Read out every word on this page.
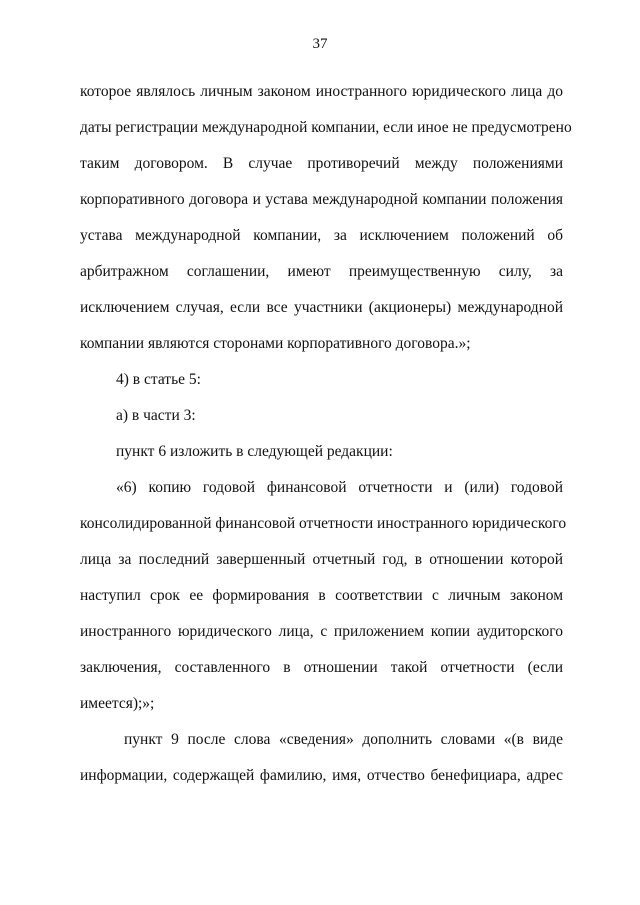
37
которое являлось личным законом иностранного юридического лица до
даты регистрации международной компании, если иное не предусмотрено
таким договором. В случае противоречий между положениями
корпоративного договора и устава международной компании положения
устава международной компании, за исключением положений об
арбитражном соглашении, имеют преимущественную силу, за
исключением случая, если все участники (акционеры) международной
компании являются сторонами корпоративного договора.»;
4) в статье 5:
а) в части 3:
пункт 6 изложить в следующей редакции:
«6) копию годовой финансовой отчетности и (или) годовой
консолидированной финансовой отчетности иностранного юридического
лица за последний завершенный отчетный год, в отношении которой
наступил срок ее формирования в соответствии с личным законом
иностранного юридического лица, с приложением копии аудиторского
заключения, составленного в отношении такой отчетности (если
имеется);»;
пункт 9 после слова «сведения» дополнить словами «(в виде
информации, содержащей фамилию, имя, отчество бенефициара, адрес
